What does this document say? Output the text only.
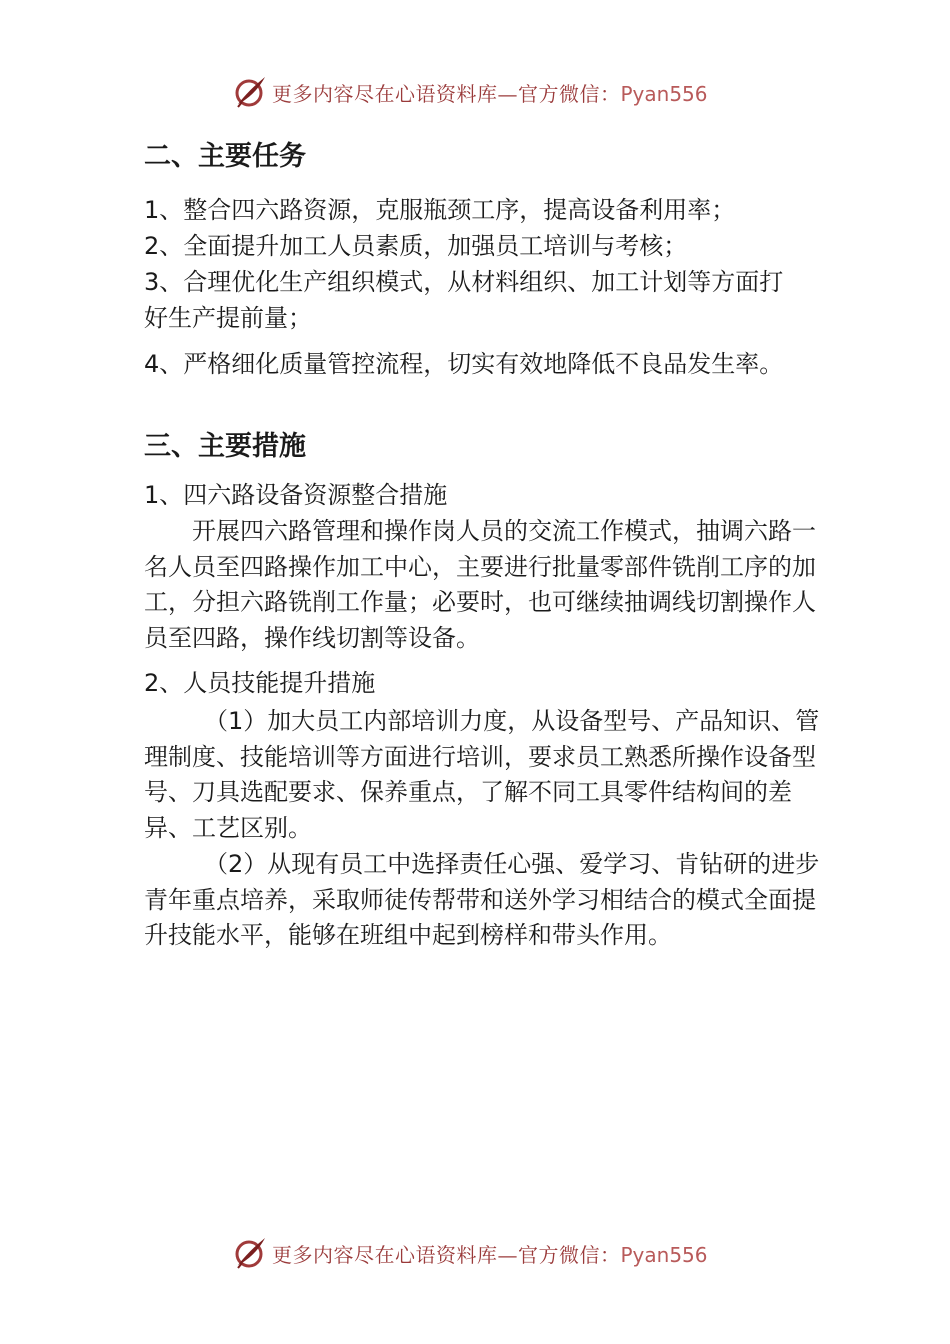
更多内容尽在心语资料库—官方微信：Pyan556
二、主要任务
1、整合四六路资源，克服瓶颈工序，提高设备利用率；
2、全面提升加工人员素质，加强员工培训与考核；
3、合理优化生产组织模式，从材料组织、加工计划等方面打好生产提前量；
4、严格细化质量管控流程，切实有效地降低不良品发生率。
三、主要措施
1、四六路设备资源整合措施
开展四六路管理和操作岗人员的交流工作模式，抽调六路一名人员至四路操作加工中心，主要进行批量零部件铣削工序的加工，分担六路铣削工作量；必要时，也可继续抽调线切割操作人员至四路，操作线切割等设备。
2、人员技能提升措施
（1）加大员工内部培训力度，从设备型号、产品知识、管理制度、技能培训等方面进行培训，要求员工熟悉所操作设备型号、刀具选配要求、保养重点，了解不同工具零件结构间的差异、工艺区别。
（2）从现有员工中选择责任心强、爱学习、肯钻研的进步青年重点培养，采取师徒传帮带和送外学习相结合的模式全面提升技能水平，能够在班组中起到榜样和带头作用。
更多内容尽在心语资料库—官方微信：Pyan556
